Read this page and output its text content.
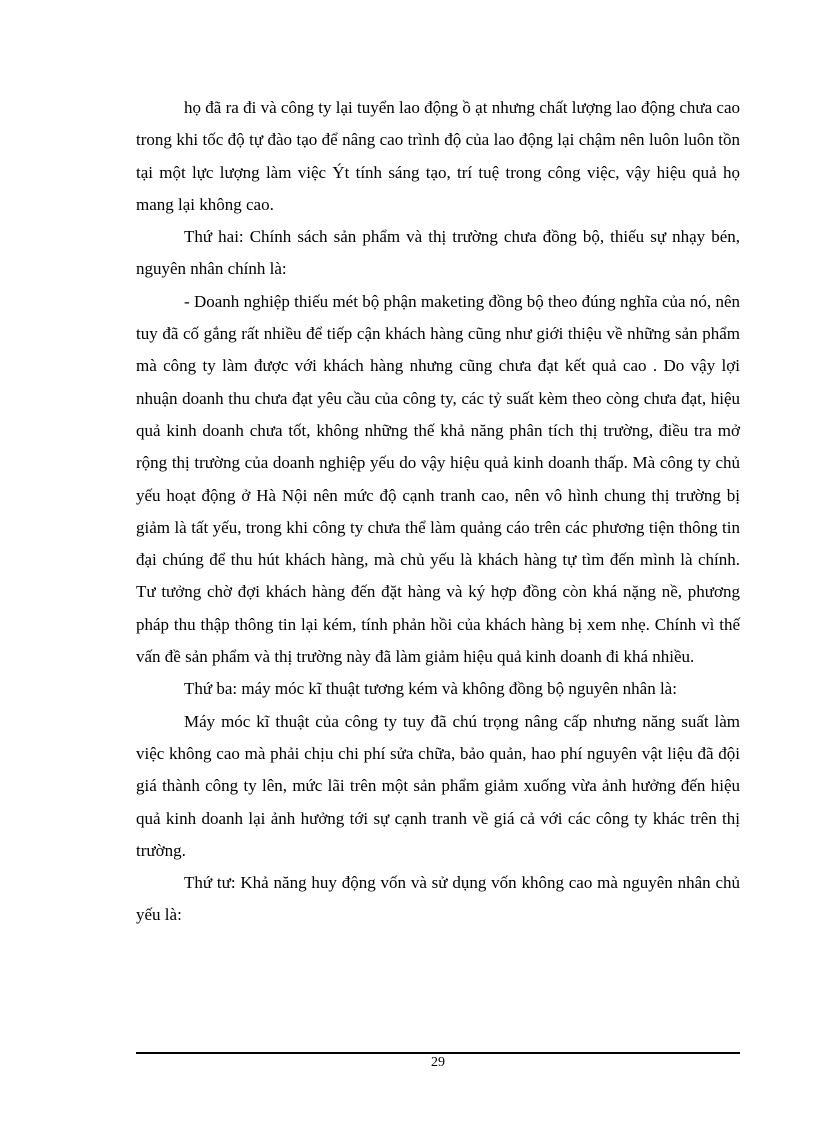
họ đã ra đi và công ty lại tuyển lao động ồ ạt nhưng chất lượng lao động chưa cao trong khi tốc độ tự đào tạo để nâng cao trình độ của lao động lại chậm nên luôn luôn tồn tại một lực lượng làm việc Ýt tính sáng tạo, trí tuệ trong công việc, vậy hiệu quả họ mang lại không cao.

Thứ hai: Chính sách sản phẩm và thị trường chưa đồng bộ, thiếu sự nhạy bén, nguyên nhân chính là:

- Doanh nghiệp thiếu mét bộ phận maketing đồng bộ theo đúng nghĩa của nó, nên tuy đã cố gắng rất nhiều để tiếp cận khách hàng cũng như giới thiệu về những sản phẩm mà công ty làm được với khách hàng nhưng cũng chưa đạt kết quả cao . Do vậy lợi nhuận doanh thu chưa đạt yêu cầu của công ty, các tỷ suất kèm theo còng chưa đạt, hiệu quả kinh doanh chưa tốt, không những thế khả năng phân tích thị trường, điều tra mở rộng thị trường của doanh nghiệp yếu do vậy hiệu quả kinh doanh thấp. Mà công ty chủ yếu hoạt động ở Hà Nội nên mức độ cạnh tranh cao, nên vô hình chung thị trường bị giảm là tất yếu, trong khi công ty chưa thể làm quảng cáo trên các phương tiện thông tin đại chúng để thu hút khách hàng, mà chủ yếu là khách hàng tự tìm đến mình là chính. Tư tưởng chờ đợi khách hàng đến đặt hàng và ký hợp đồng còn khá nặng nề, phương pháp thu thập thông tin lại kém, tính phản hồi của khách hàng bị xem nhẹ. Chính vì thế vấn đề sản phẩm và thị trường này đã làm giảm hiệu quả kinh doanh đi khá nhiều.

Thứ ba: máy móc kĩ thuật tương kém và không đồng bộ nguyên nhân là:

Máy móc kĩ thuật của công ty tuy đã chú trọng nâng cấp nhưng năng suất làm việc không cao mà phải chịu chi phí sửa chữa, bảo quản, hao phí nguyên vật liệu đã đội giá thành công ty lên, mức lãi trên một sản phẩm giảm xuống vừa ảnh hưởng đến hiệu quả kinh doanh lại ảnh hưởng tới sự cạnh tranh về giá cả với các công ty khác trên thị trường.

Thứ tư: Khả năng huy động vốn và sử dụng vốn không cao mà nguyên nhân chủ yếu là:

29
